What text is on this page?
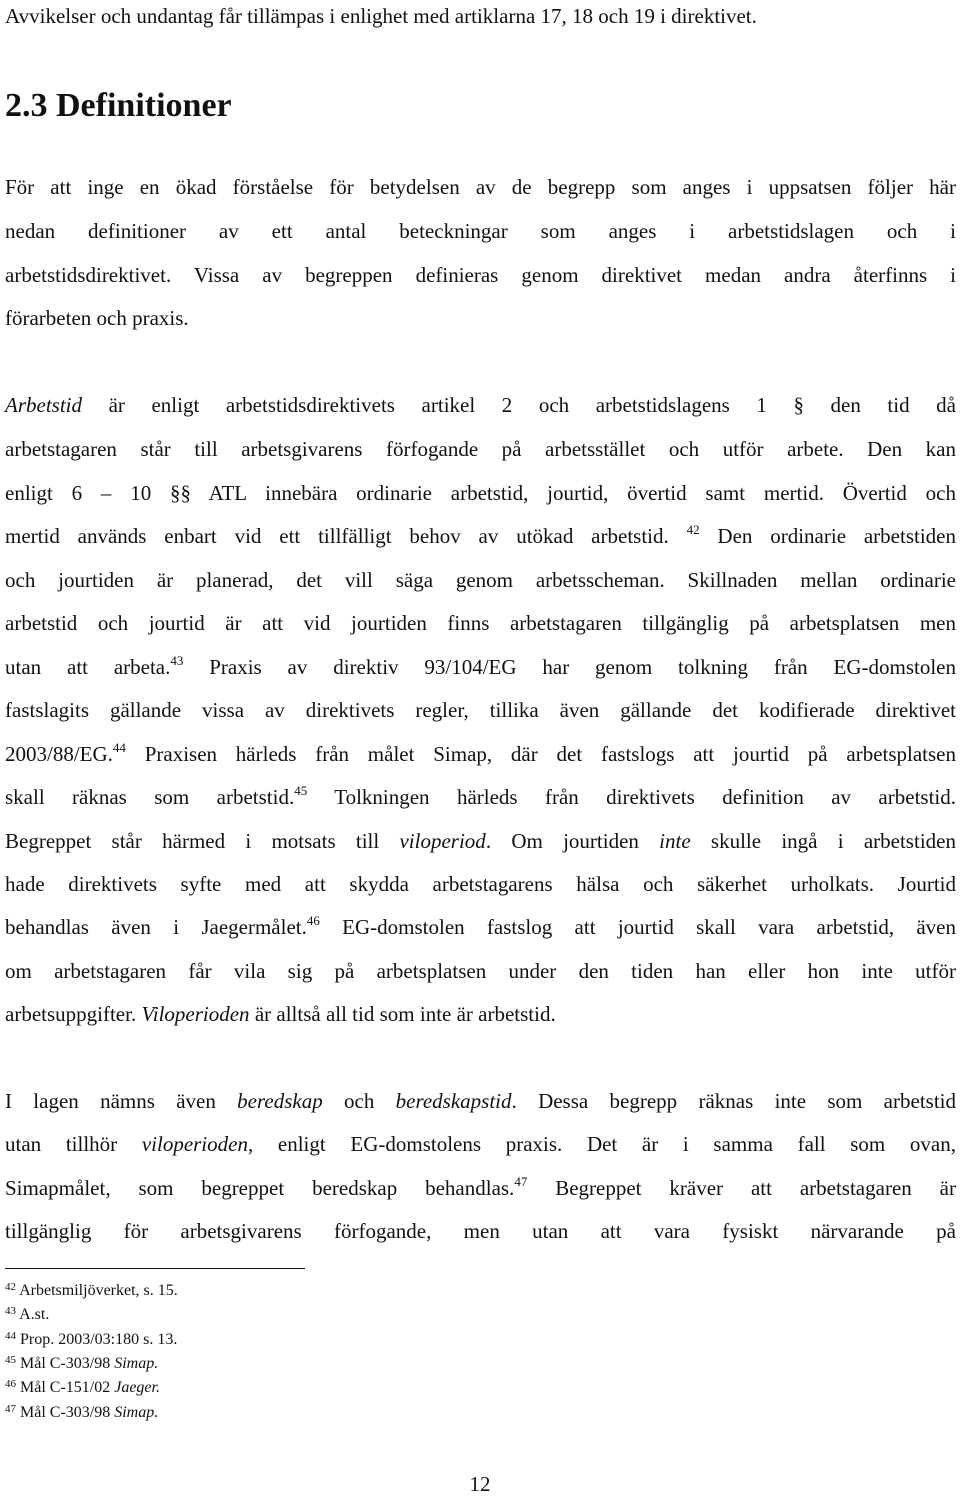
Avvikelser och undantag får tillämpas i enlighet med artiklarna 17, 18 och 19 i direktivet.
2.3 Definitioner
För att inge en ökad förståelse för betydelsen av de begrepp som anges i uppsatsen följer här
nedan definitioner av ett antal beteckningar som anges i arbetstidslagen och i
arbetstidsdirektivet. Vissa av begreppen definieras genom direktivet medan andra återfinns i
förarbeten och praxis.
Arbetstid är enligt arbetstidsdirektivets artikel 2 och arbetstidslagens 1 § den tid då
arbetstagaren står till arbetsgivarens förfogande på arbetsstället och utför arbete. Den kan
enligt 6 – 10 §§ ATL innebära ordinarie arbetstid, jourtid, övertid samt mertid. Övertid och
mertid används enbart vid ett tillfälligt behov av utökad arbetstid. $^{42}$ Den ordinarie arbetstiden
och jourtiden är planerad, det vill säga genom arbetsscheman. Skillnaden mellan ordinarie
arbetstid och jourtid är att vid jourtiden finns arbetstagaren tillgänglig på arbetsplatsen men
utan att arbeta.$^{43}$ Praxis av direktiv 93/104/EG har genom tolkning från EG-domstolen
fastslagits gällande vissa av direktivets regler, tillika även gällande det kodifierade direktivet
2003/88/EG.$^{44}$ Praxisen härleds från målet Simap, där det fastslogs att jourtid på arbetsplatsen
skall räknas som arbetstid.$^{45}$ Tolkningen härleds från direktivets definition av arbetstid.
Begreppet står härmed i motsats till viloperiod. Om jourtiden inte skulle ingå i arbetstiden
hade direktivets syfte med att skydda arbetstagarens hälsa och säkerhet urholkats. Jourtid
behandlas även i Jaegermålet.$^{46}$ EG-domstolen fastslog att jourtid skall vara arbetstid, även
om arbetstagaren får vila sig på arbetsplatsen under den tiden han eller hon inte utför
arbetsuppgifter. Viloperioden är alltså all tid som inte är arbetstid.
I lagen nämns även beredskap och beredskapstid. Dessa begrepp räknas inte som arbetstid
utan tillhör viloperioden, enligt EG-domstolens praxis. Det är i samma fall som ovan,
Simapmålet, som begreppet beredskap behandlas.$^{47}$ Begreppet kräver att arbetstagaren är
tillgänglig för arbetsgivarens förfogande, men utan att vara fysiskt närvarande på
$^{42}$ Arbetsmiljöverket, s. 15.
$^{43}$ A.st.
$^{44}$ Prop. 2003/03:180 s. 13.
$^{45}$ Mål C-303/98 Simap.
$^{46}$ Mål C-151/02 Jaeger.
$^{47}$ Mål C-303/98 Simap.
12
